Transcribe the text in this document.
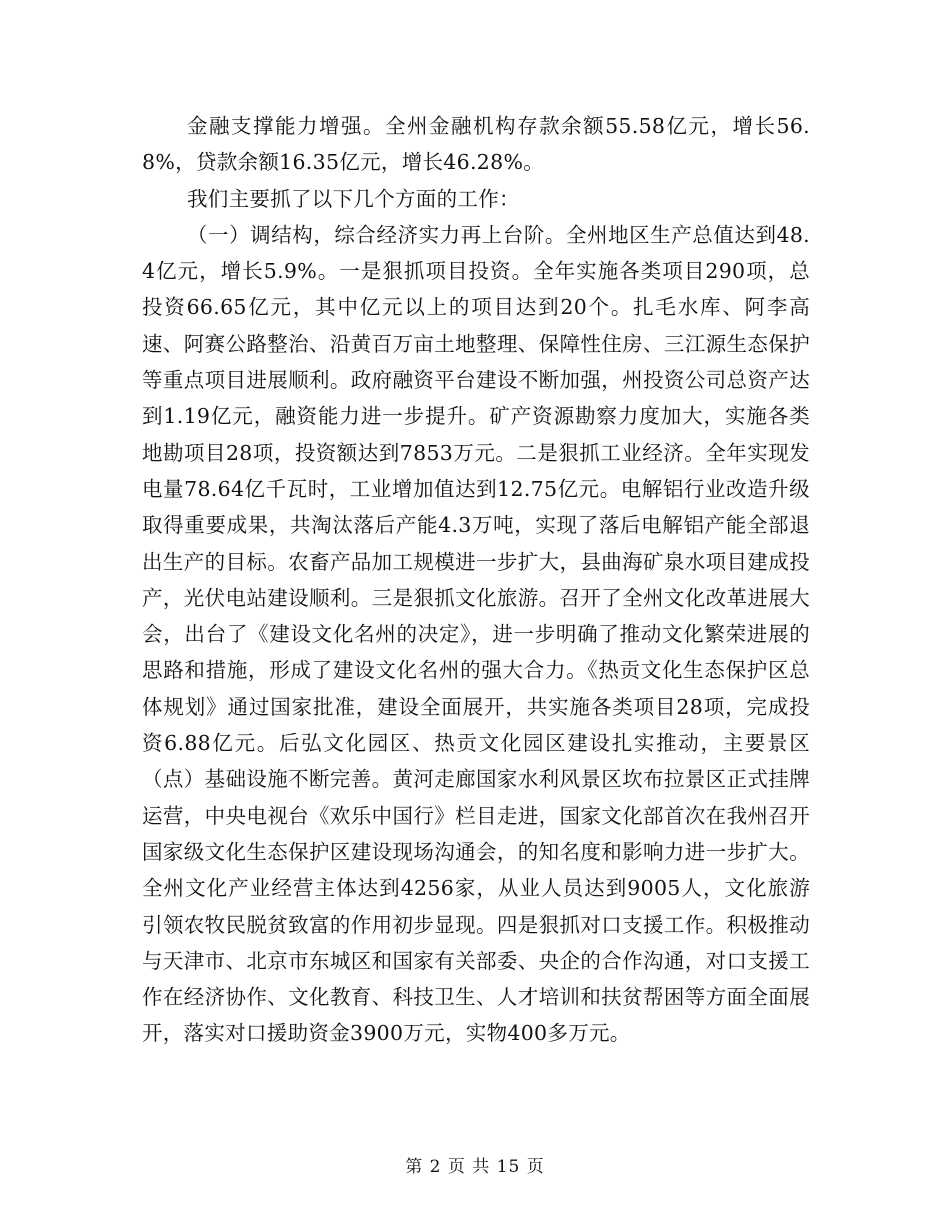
金融支撑能力增强。全州金融机构存款余额55.58亿元，增长56.8%，贷款余额16.35亿元，增长46.28%。

我们主要抓了以下几个方面的工作：

（一）调结构，综合经济实力再上台阶。全州地区生产总值达到48.4亿元，增长5.9%。一是狠抓项目投资。全年实施各类项目290项，总投资66.65亿元，其中亿元以上的项目达到20个。扎毛水库、阿李高速、阿赛公路整治、沿黄百万亩土地整理、保障性住房、三江源生态保护等重点项目进展顺利。政府融资平台建设不断加强，州投资公司总资产达到1.19亿元，融资能力进一步提升。矿产资源勘察力度加大，实施各类地勘项目28项，投资额达到7853万元。二是狠抓工业经济。全年实现发电量78.64亿千瓦时，工业增加值达到12.75亿元。电解铝行业改造升级取得重要成果，共淘汰落后产能4.3万吨，实现了落后电解铝产能全部退出生产的目标。农畜产品加工规模进一步扩大，县曲海矿泉水项目建成投产，光伏电站建设顺利。三是狠抓文化旅游。召开了全州文化改革进展大会，出台了《建设文化名州的决定》，进一步明确了推动文化繁荣进展的思路和措施，形成了建设文化名州的强大合力。《热贡文化生态保护区总体规划》通过国家批准，建设全面展开，共实施各类项目28项，完成投资6.88亿元。后弘文化园区、热贡文化园区建设扎实推动，主要景区（点）基础设施不断完善。黄河走廊国家水利风景区坎布拉景区正式挂牌运营，中央电视台《欢乐中国行》栏目走进，国家文化部首次在我州召开国家级文化生态保护区建设现场沟通会，的知名度和影响力进一步扩大。全州文化产业经营主体达到4256家，从业人员达到9005人，文化旅游引领农牧民脱贫致富的作用初步显现。四是狠抓对口支援工作。积极推动与天津市、北京市东城区和国家有关部委、央企的合作沟通，对口支援工作在经济协作、文化教育、科技卫生、人才培训和扶贫帮困等方面全面展开，落实对口援助资金3900万元，实物400多万元。

第 2 页 共 15 页
